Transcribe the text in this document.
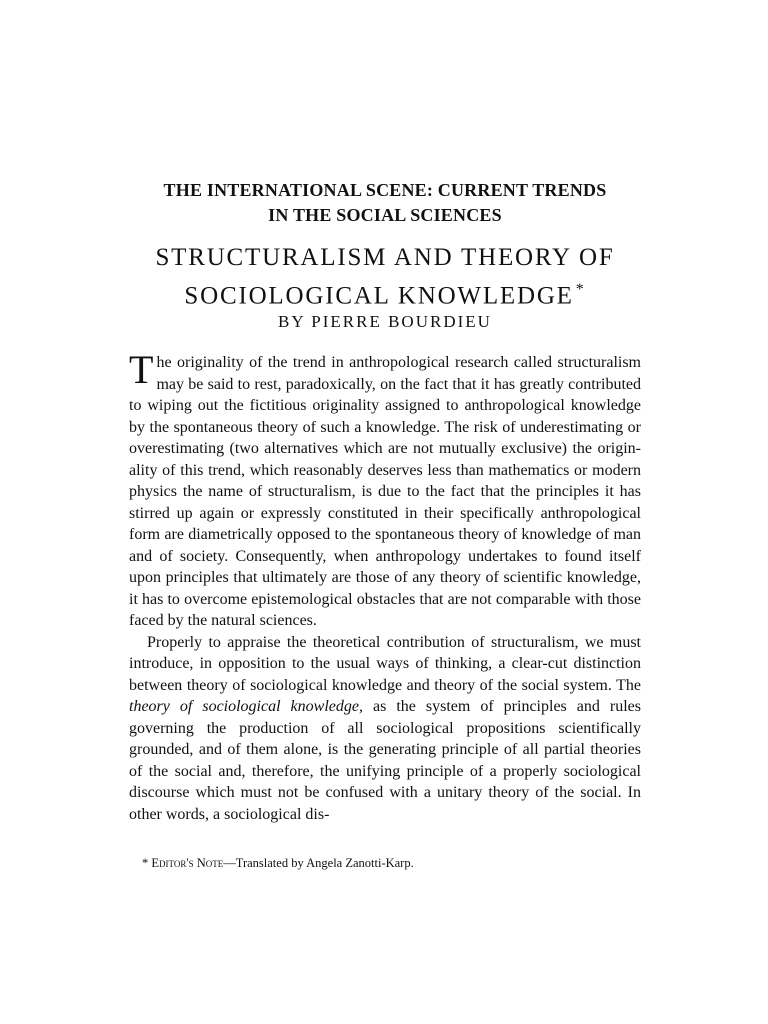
THE INTERNATIONAL SCENE: CURRENT TRENDS
IN THE SOCIAL SCIENCES
STRUCTURALISM AND THEORY OF
SOCIOLOGICAL KNOWLEDGE *

BY PIERRE BOURDIEU

The originality of the trend in anthropological research called structuralism may be said to rest, paradoxically, on the fact that it has greatly contributed to wiping out the fictitious originality assigned to anthropological knowledge by the spontaneous theory of such a knowledge. The risk of underestimating or overestimating (two alternatives which are not mutually exclusive) the originality of this trend, which reasonably deserves less than mathematics or modern physics the name of structuralism, is due to the fact that the principles it has stirred up again or expressly constituted in their specifically anthropological form are diametrically opposed to the spontaneous theory of knowledge of man and of society. Consequently, when anthropology undertakes to found itself upon principles that ultimately are those of any theory of scientific knowledge, it has to overcome epistemological obstacles that are not comparable with those faced by the natural sciences.

Properly to appraise the theoretical contribution of structuralism, we must introduce, in opposition to the usual ways of thinking, a clear-cut distinction between theory of sociological knowledge and theory of the social system. The theory of sociological knowledge, as the system of principles and rules governing the production of all sociological propositions scientifically grounded, and of them alone, is the generating principle of all partial theories of the social and, therefore, the unifying principle of a properly sociological discourse which must not be confused with a unitary theory of the social. In other words, a sociological dis-

* Editor's Note—Translated by Angela Zanotti-Karp.
